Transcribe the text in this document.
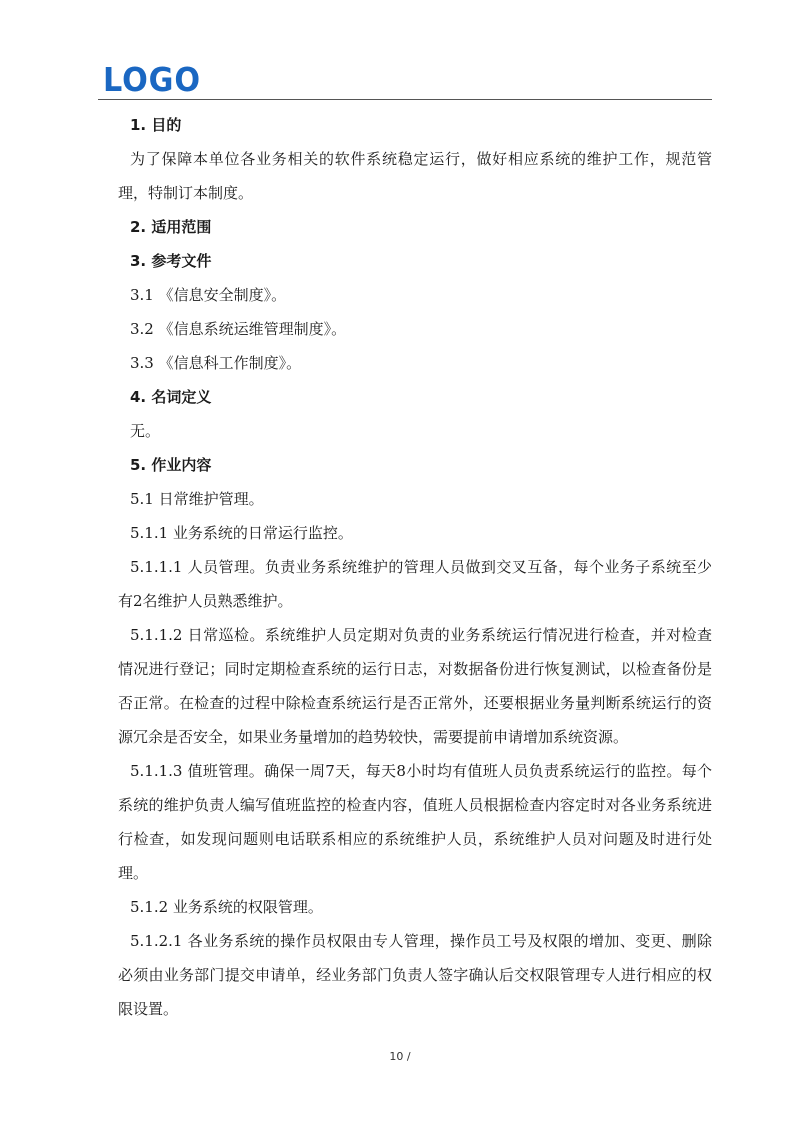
LOGO
1. 目的
为了保障本单位各业务相关的软件系统稳定运行，做好相应系统的维护工作，规范管理，特制订本制度。
2. 适用范围
3. 参考文件
3.1 《信息安全制度》。
3.2 《信息系统运维管理制度》。
3.3 《信息科工作制度》。
4. 名词定义
无。
5. 作业内容
5.1 日常维护管理。
5.1.1 业务系统的日常运行监控。
5.1.1.1 人员管理。负责业务系统维护的管理人员做到交叉互备，每个业务子系统至少有2名维护人员熟悉维护。
5.1.1.2 日常巡检。系统维护人员定期对负责的业务系统运行情况进行检查，并对检查情况进行登记；同时定期检查系统的运行日志，对数据备份进行恢复测试，以检查备份是否正常。在检查的过程中除检查系统运行是否正常外，还要根据业务量判断系统运行的资源冗余是否安全，如果业务量增加的趋势较快，需要提前申请增加系统资源。
5.1.1.3 值班管理。确保一周7天，每天8小时均有值班人员负责系统运行的监控。每个系统的维护负责人编写值班监控的检查内容，值班人员根据检查内容定时对各业务系统进行检查，如发现问题则电话联系相应的系统维护人员，系统维护人员对问题及时进行处理。
5.1.2 业务系统的权限管理。
5.1.2.1 各业务系统的操作员权限由专人管理，操作员工号及权限的增加、变更、删除必须由业务部门提交申请单，经业务部门负责人签字确认后交权限管理专人进行相应的权限设置。
10 /
